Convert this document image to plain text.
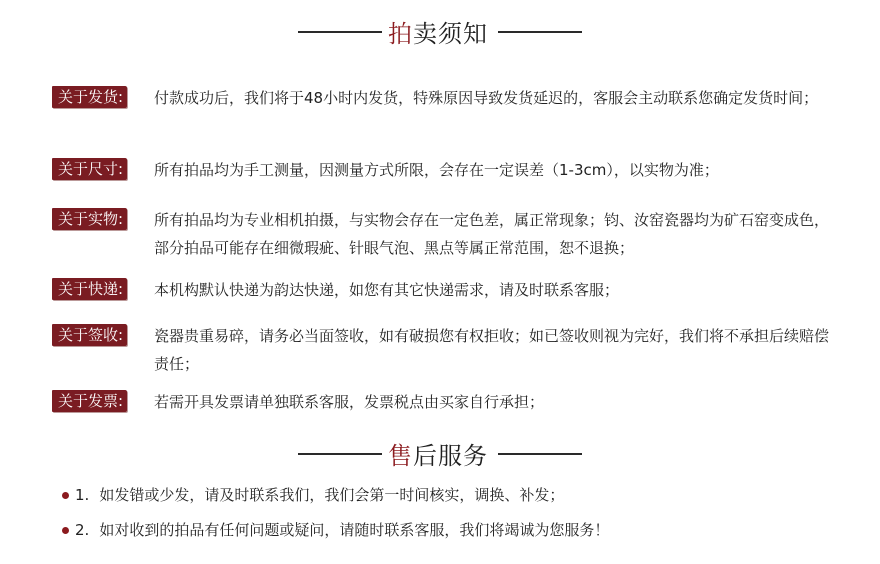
拍 卖须知
关于发货: 付款成功后，我们将于48小时内发货，特殊原因导致发货延迟的，客服会主动联系您确定发货时间；
关于尺寸: 所有拍品均为手工测量，因测量方式所限，会存在一定误差（1-3cm），以实物为准；
关于实物: 所有拍品均为专业相机拍摄，与实物会存在一定色差，属正常现象；钧、汝窑瓷器均为矿石窑变成色，部分拍品可能存在细微瑕疵、针眼气泡、黑点等属正常范围，恕不退换；
关于快递: 本机构默认快递为韵达快递，如您有其它快递需求，请及时联系客服；
关于签收: 瓷器贵重易碎，请务必当面签收，如有破损您有权拒收；如已签收则视为完好，我们将不承担后续赔偿责任；
关于发票: 若需开具发票请单独联系客服，发票税点由买家自行承担；
售 后服务
1. 如发错或少发，请及时联系我们，我们会第一时间核实，调换、补发；
2. 如对收到的拍品有任何问题或疑问，请随时联系客服，我们将竭诚为您服务！
